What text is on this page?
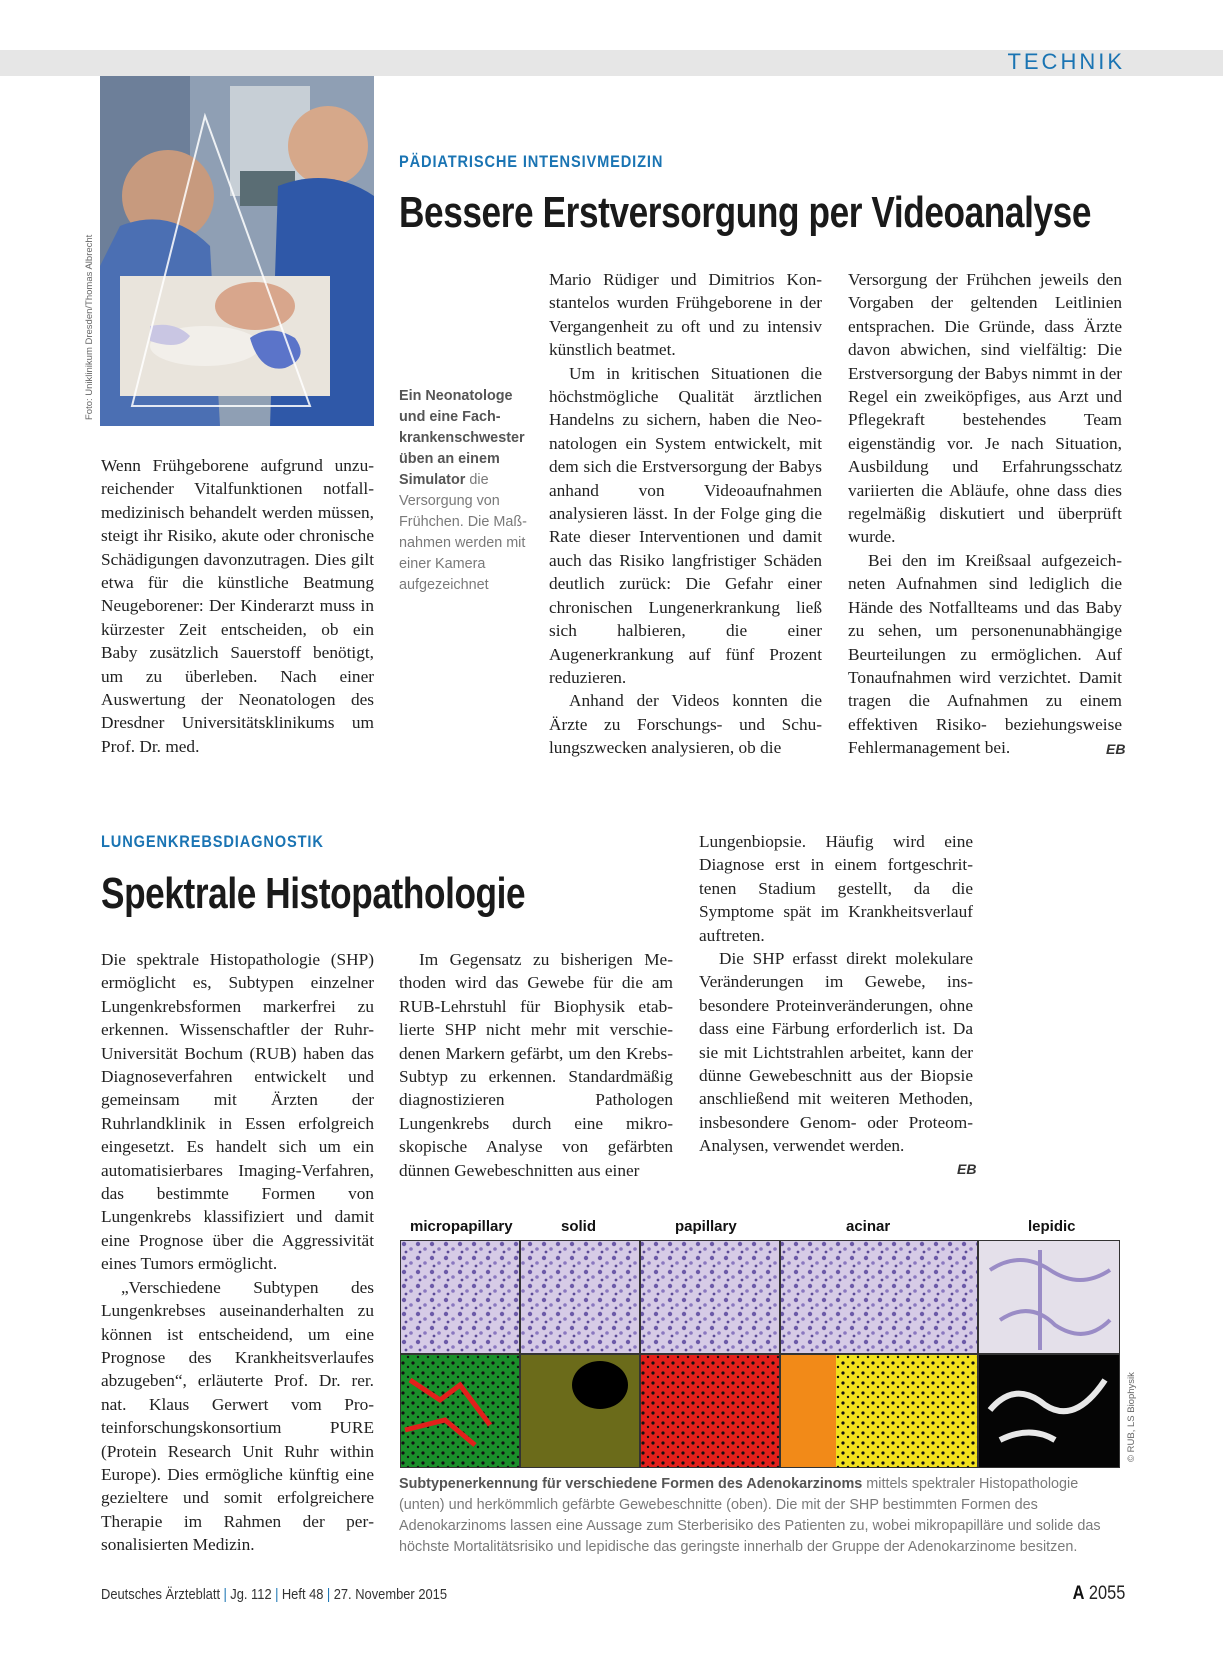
TECHNIK
Foto: Uniklinikum Dresden/Thomas Albrecht
PÄDIATRISCHE INTENSIVMEDIZIN
Bessere Erstversorgung per Videoanalyse
Ein Neonatologe und eine Fachkrankenschwester üben an einem Simulator die Versorgung von Frühchen. Die Maßnahmen werden mit einer Kamera aufgezeichnet

Wenn Frühgeborene aufgrund unzureichender Vitalfunktionen notfallmedizinisch behandelt werden müssen, steigt ihr Risiko, akute oder chronische Schädigungen davonzutragen. Dies gilt etwa für die künstliche Beatmung Neugeborener: Der Kinderarzt muss in kürzester Zeit entscheiden, ob ein Baby zusätzlich Sauerstoff benötigt, um zu überleben. Nach einer Auswertung der Neonatologen des Dresdner Universitätsklinikums um Prof. Dr. med.

Mario Rüdiger und Dimitrios Konstantelos wurden Frühgeborene in der Vergangenheit zu oft und zu intensiv künstlich beatmet.

Um in kritischen Situationen die höchstmögliche Qualität ärztlichen Handelns zu sichern, haben die Neonatologen ein System entwickelt, mit dem sich die Erstversorgung der Babys anhand von Videoaufnahmen analysieren lässt. In der Folge ging die Rate dieser Interventionen und damit auch das Risiko langfristiger Schäden deutlich zurück: Die Gefahr einer chronischen Lungenerkrankung ließ sich halbieren, die einer Augenerkrankung auf fünf Prozent reduzieren.

Anhand der Videos konnten die Ärzte zu Forschungs- und Schulungszwecken analysieren, ob die

Versorgung der Frühchen jeweils den Vorgaben der geltenden Leitlinien entsprachen. Die Gründe, dass Ärzte davon abwichen, sind vielfältig: Die Erstversorgung der Babys nimmt in der Regel ein zweiköpfiges, aus Arzt und Pflegekraft bestehendes Team eigenständig vor. Je nach Situation, Ausbildung und Erfahrungsschatz variierten die Abläufe, ohne dass dies regelmäßig diskutiert und überprüft wurde.

Bei den im Kreißsaal aufgezeichneten Aufnahmen sind lediglich die Hände des Notfallteams und das Baby zu sehen, um personenunabhängige Beurteilungen zu ermöglichen. Auf Tonaufnahmen wird verzichtet. Damit tragen die Aufnahmen zu einem effektiven Risiko- beziehungsweise Fehlermanagement bei.	EB
LUNGENKREBSDIAGNOSTIK
Spektrale Histopathologie

Die spektrale Histopathologie (SHP) ermöglicht es, Subtypen einzelner Lungenkrebsformen markerfrei zu erkennen. Wissenschaftler der Ruhr-Universität Bochum (RUB) haben das Diagnoseverfahren entwickelt und gemeinsam mit Ärzten der Ruhrlandklinik in Essen erfolgreich eingesetzt. Es handelt sich um ein automatisierbares Imaging-Verfahren, das bestimmte Formen von Lungenkrebs klassifiziert und damit eine Prognose über die Aggressivität eines Tumors ermöglicht.

„Verschiedene Subtypen des Lungenkrebses auseinanderhalten zu können ist entscheidend, um eine Prognose des Krankheitsverlaufes abzugeben“, erläuterte Prof. Dr. rer. nat. Klaus Gerwert vom Proteinforschungskonsortium PURE (Protein Research Unit Ruhr within Europe). Dies ermögliche künftig eine gezieltere und somit erfolgreichere Therapie im Rahmen der personalisierten Medizin.

Im Gegensatz zu bisherigen Methoden wird das Gewebe für die am RUB-Lehrstuhl für Biophysik etablierte SHP nicht mehr mit verschiedenen Markern gefärbt, um den Krebs-Subtyp zu erkennen. Standardmäßig diagnostizieren Pathologen Lungenkrebs durch eine mikroskopische Analyse von gefärbten dünnen Gewebeschnitten aus einer

Lungenbiopsie. Häufig wird eine Diagnose erst in einem fortgeschrittenen Stadium gestellt, da die Symptome spät im Krankheitsverlauf auftreten.

Die SHP erfasst direkt molekulare Veränderungen im Gewebe, insbesondere Proteinveränderungen, ohne dass eine Färbung erforderlich ist. Da sie mit Lichtstrahlen arbeitet, kann der dünne Gewebeschnitt aus der Biopsie anschließend mit weiteren Methoden, insbesondere Genom- oder Proteom-Analysen, verwendet werden.

EB
micropapillary	solid	papillary	acinar	lepidic
© RUB, LS Biophysik
Subtypenerkennung für verschiedene Formen des Adenokarzinoms mittels spektraler Histopathologie (unten) und herkömmlich gefärbte Gewebeschnitte (oben). Die mit der SHP bestimmten Formen des Adenokarzinoms lassen eine Aussage zum Sterberisiko des Patienten zu, wobei mikropapilläre und solide das höchste Mortalitätsrisiko und lepidische das geringste innerhalb der Gruppe der Adenokarzinome besitzen.
Deutsches Ärzteblatt | Jg. 112 | Heft 48 | 27. November 2015	A 2055
